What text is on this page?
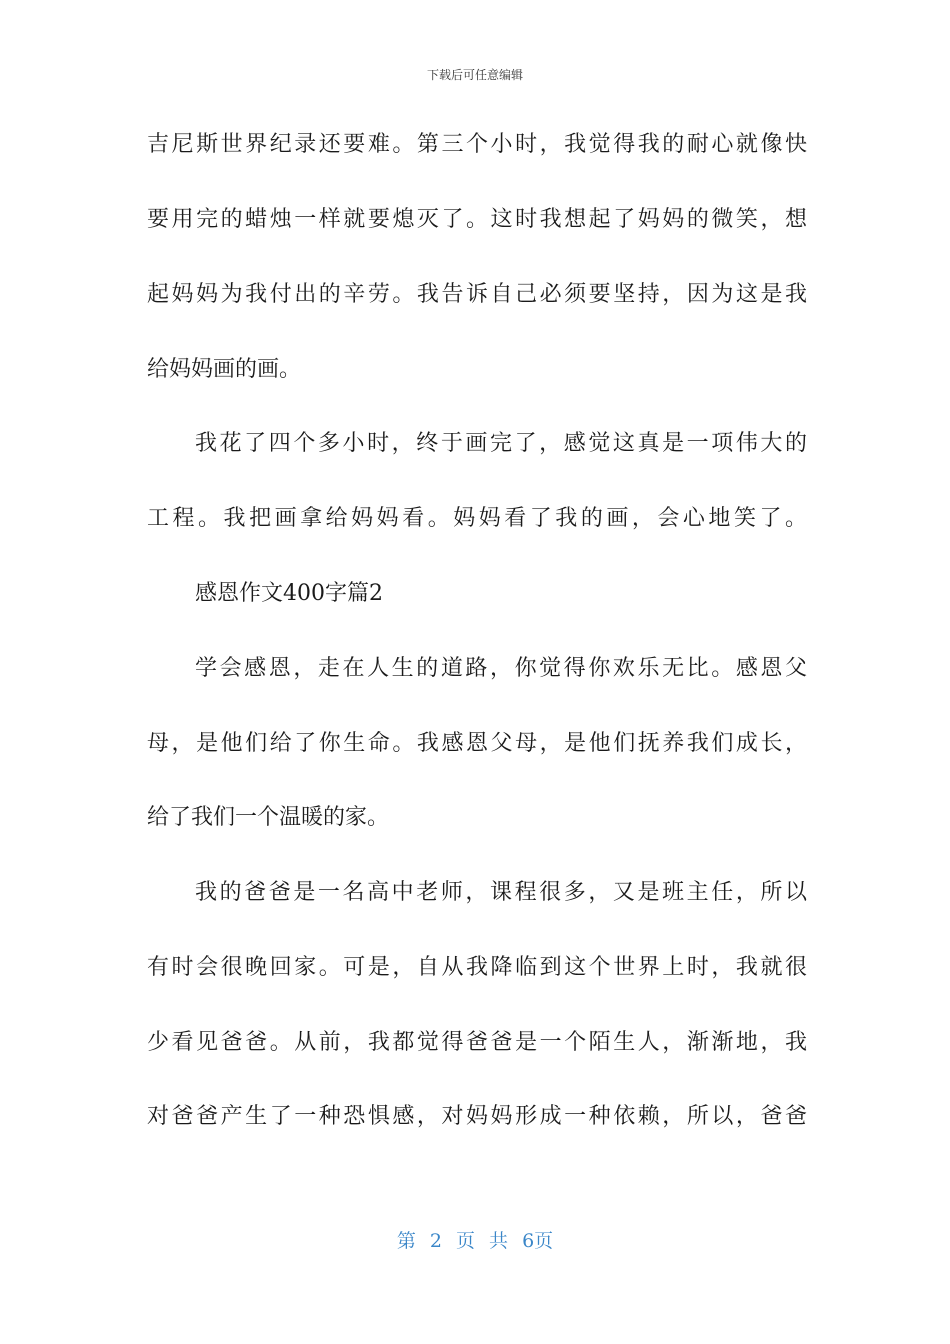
下载后可任意编辑
吉尼斯世界纪录还要难。第三个小时，我觉得我的耐心就像快
要用完的蜡烛一样就要熄灭了。这时我想起了妈妈的微笑，想
起妈妈为我付出的辛劳。我告诉自己必须要坚持，因为这是我
给妈妈画的画。
我花了四个多小时，终于画完了，感觉这真是一项伟大的
工程。我把画拿给妈妈看。妈妈看了我的画，会心地笑了。
感恩作文400字篇2
学会感恩，走在人生的道路，你觉得你欢乐无比。感恩父
母，是他们给了你生命。我感恩父母，是他们抚养我们成长，
给了我们一个温暖的家。
我的爸爸是一名高中老师，课程很多，又是班主任，所以
有时会很晚回家。可是，自从我降临到这个世界上时，我就很
少看见爸爸。从前，我都觉得爸爸是一个陌生人，渐渐地，我
对爸爸产生了一种恐惧感，对妈妈形成一种依赖，所以，爸爸
第 2 页 共 6页
